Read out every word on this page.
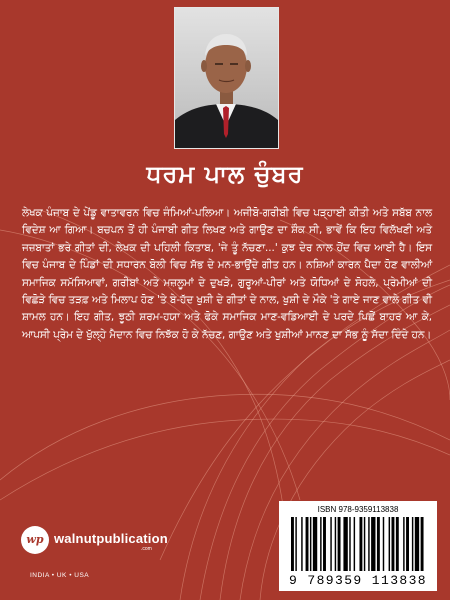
ਧਰਮ ਪਾਲ ਚੁੰਬਰ

ਲੇਖਕ ਪੰਜਾਬ ਦੇ ਪੇਂਡੂ ਵਾਤਾਵਰਨ ਵਿਚ ਜੰਮਿਆਂ-ਪਲਿਆ। ਅਜੀਬੋ-ਗਰੀਬੀ ਵਿਚ ਪੜ੍ਹਾਈ ਕੀਤੀ ਅਤੇ ਸਬੱਬ ਨਾਲ ਵਿਦੇਸ਼ ਆ ਗਿਆ। ਬਚਪਨ ਤੋਂ ਹੀ ਪੰਜਾਬੀ ਗੀਤ ਲਿਖਣ ਅਤੇ ਗਾਉਣ ਦਾ ਸ਼ੌਕ ਸੀ, ਭਾਵੇਂ ਕਿ ਇਹ ਵਿਲੱਖਣੀ ਅਤੇ ਜਜ਼ਬਾਤਾਂ ਭਰੇ ਗੀਤਾਂ ਦੀ, ਲੇਖਕ ਦੀ ਪਹਿਲੀ ਕਿਤਾਬ, 'ਜੇ ਤੂੰ ਨੱਚਣਾ...' ਕੁਝ ਦੇਰ ਨਾਲ ਹੋਂਦ ਵਿਚ ਆਈ ਹੈ। ਇਸ ਵਿਚ ਪੰਜਾਬ ਦੇ ਪਿੰਡਾਂ ਦੀ ਸਧਾਰਨ ਬੋਲੀ ਵਿਚ ਸੱਭ ਦੇ ਮਨ-ਭਾਉਂਦੇ ਗੀਤ ਹਨ। ਨਸ਼ਿਆਂ ਕਾਰਨ ਪੈਦਾ ਹੋਣ ਵਾਲੀਆਂ ਸਮਾਜਿਕ ਸਮੱਸਿਆਵਾਂ, ਗਰੀਬਾਂ ਅਤੇ ਮਜ਼ਲੂਮਾਂ ਦੇ ਦੁਖੜੇ, ਗੁਰੂਆਂ-ਪੀਰਾਂ ਅਤੇ ਯੋਧਿਆਂ ਦੇ ਸੋਹਲੇ, ਪ੍ਰੇਮੀਆਂ ਦੀ ਵਿਛੋੜੇ ਵਿਚ ਤੜਫ਼ ਅਤੇ ਮਿਲਾਪ ਹੋਣ 'ਤੇ ਬੇ-ਹੱਦ ਖੁਸ਼ੀ ਦੇ ਗੀਤਾਂ ਦੇ ਨਾਲ, ਖੁਸ਼ੀ ਦੇ ਮੌਕੇ 'ਤੇ ਗਾਏ ਜਾਣ ਵਾਲੇ ਗੀਤ ਵੀ ਸ਼ਾਮਲ ਹਨ। ਇਹ ਗੀਤ, ਝੂਠੀ ਸ਼ਰਮ-ਹਯਾ ਅਤੇ ਫੋਕੇ ਸਮਾਜਿਕ ਮਾਣ-ਵਡਿਆਈ ਦੇ ਪਰਦੇ ਪਿਛੋਂ ਬਾਹਰ ਆ ਕੇ, ਆਪਸੀ ਪ੍ਰੇਮ ਦੇ ਖੁੱਲ੍ਹੇ ਮੈਦਾਨ ਵਿਚ ਨਿਝੱਕ ਹੋ ਕੇ ਨੱਚਣ, ਗਾਉਣ ਅਤੇ ਖੁਸ਼ੀਆਂ ਮਾਨਣ ਦਾ ਸੱਭ ਨੂੰ ਸੱਦਾ ਦਿੰਦੇ ਹਨ।

wp walnutpublication
.com
INDIA • UK • USA
ISBN 978-9359113838
9 789359 113838
